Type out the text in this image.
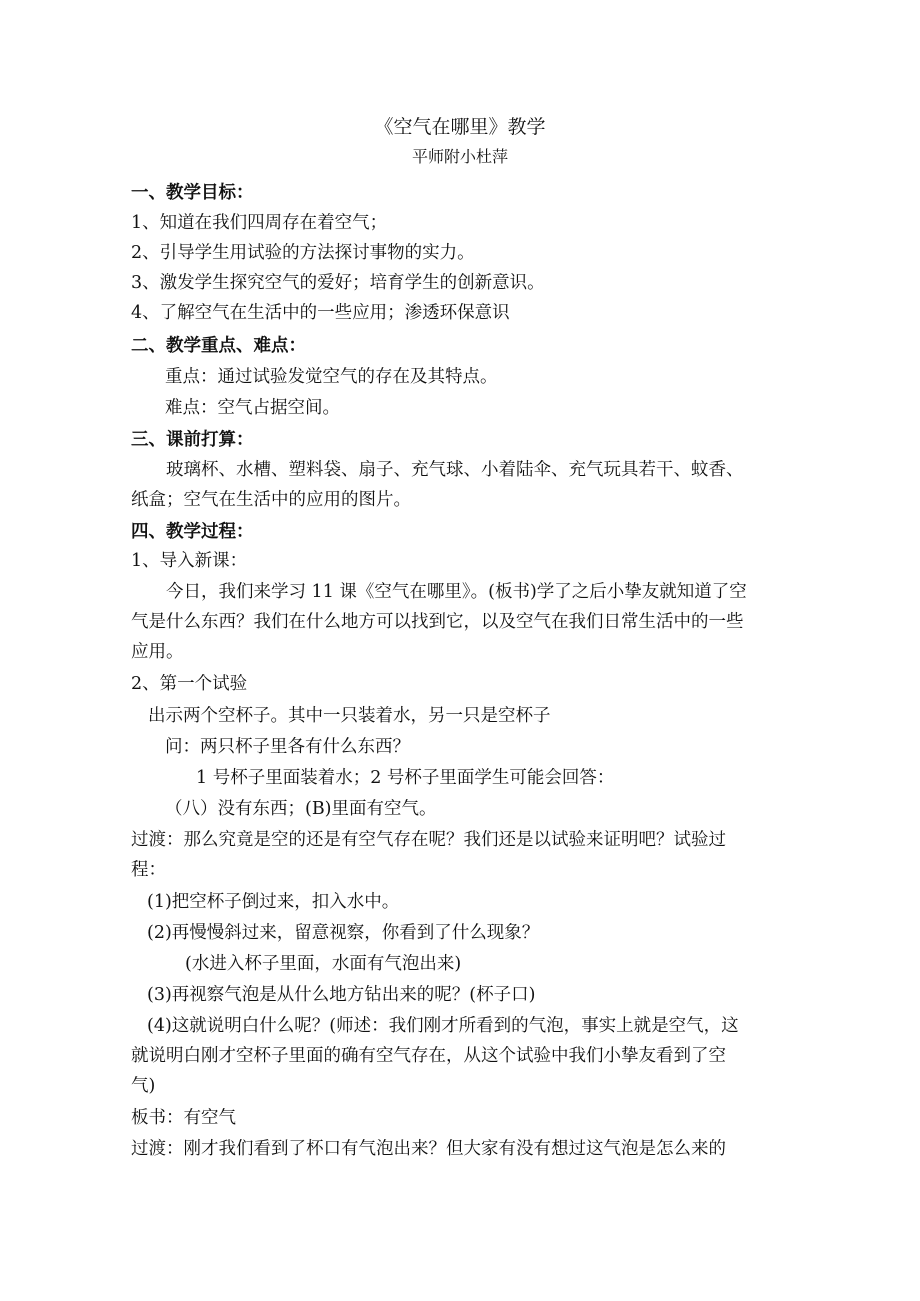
《空气在哪里》教学
平师附小杜萍
一、教学目标：
1、知道在我们四周存在着空气；
2、引导学生用试验的方法探讨事物的实力。
3、激发学生探究空气的爱好；培育学生的创新意识。
4、了解空气在生活中的一些应用；渗透环保意识
二、教学重点、难点：
重点：通过试验发觉空气的存在及其特点。
难点：空气占据空间。
三、课前打算：
玻璃杯、水槽、塑料袋、扇子、充气球、小着陆伞、充气玩具若干、蚊香、
纸盒；空气在生活中的应用的图片。
四、教学过程：
1、导入新课：
今日，我们来学习 11 课《空气在哪里》。(板书)学了之后小挚友就知道了空
气是什么东西？我们在什么地方可以找到它，以及空气在我们日常生活中的一些
应用。
2、第一个试验
出示两个空杯子。其中一只装着水，另一只是空杯子
问：两只杯子里各有什么东西？
1 号杯子里面装着水；2 号杯子里面学生可能会回答：
（八）没有东西；(B)里面有空气。
过渡：那么究竟是空的还是有空气存在呢？我们还是以试验来证明吧？试验过
程：
(1)把空杯子倒过来，扣入水中。
(2)再慢慢斜过来，留意视察，你看到了什么现象？
(水进入杯子里面，水面有气泡出来)
(3)再视察气泡是从什么地方钻出来的呢？(杯子口)
(4)这就说明白什么呢？(师述：我们刚才所看到的气泡，事实上就是空气，这
就说明白刚才空杯子里面的确有空气存在，从这个试验中我们小挚友看到了空
气)
板书：有空气
过渡：刚才我们看到了杯口有气泡出来？但大家有没有想过这气泡是怎么来的
